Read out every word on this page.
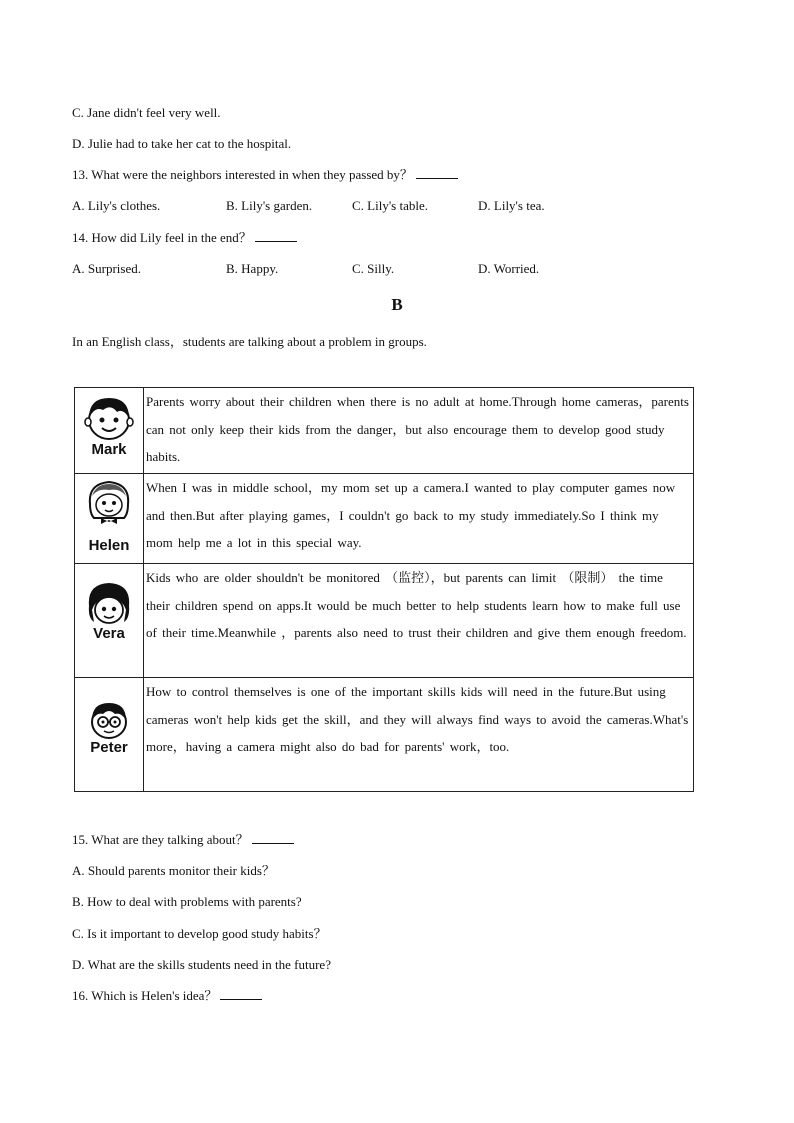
C. Jane didn't feel very well.
D. Julie had to take her cat to the hospital.
13. What were the neighbors interested in when they passed by？
A. Lily's clothes.	B. Lily's garden.	C. Lily's table.	D. Lily's tea.
14. How did Lily feel in the end？
A. Surprised.	B. Happy.	C. Silly.	D. Worried.
B
In an English class，students are talking about a problem in groups.
Mark	Parents worry about their children when there is no adult at home.Through home cameras，parents can not only keep their kids from the danger，but also encourage them to develop good study habits.

Helen	When I was in middle school，my mom set up a camera.I wanted to play computer games now and then.But after playing games，I couldn't go back to my study immediately.So I think my mom help me a lot in this special way.

Vera	Kids who are older shouldn't be monitored （监控），but parents can limit （限制） the time their children spend on apps.It would be much better to help students learn how to make full use of their time.Meanwhile ，parents also need to trust their children and give them enough freedom.

Peter	How to control themselves is one of the important skills kids will need in the future.But using cameras won't help kids get the skill，and they will always find ways to avoid the cameras.What's more，having a camera might also do bad for parents' work，too.
15. What are they talking about？
A. Should parents monitor their kids？
B. How to deal with problems with parents?
C. Is it important to develop good study habits？
D. What are the skills students need in the future?
16. Which is Helen's idea？
